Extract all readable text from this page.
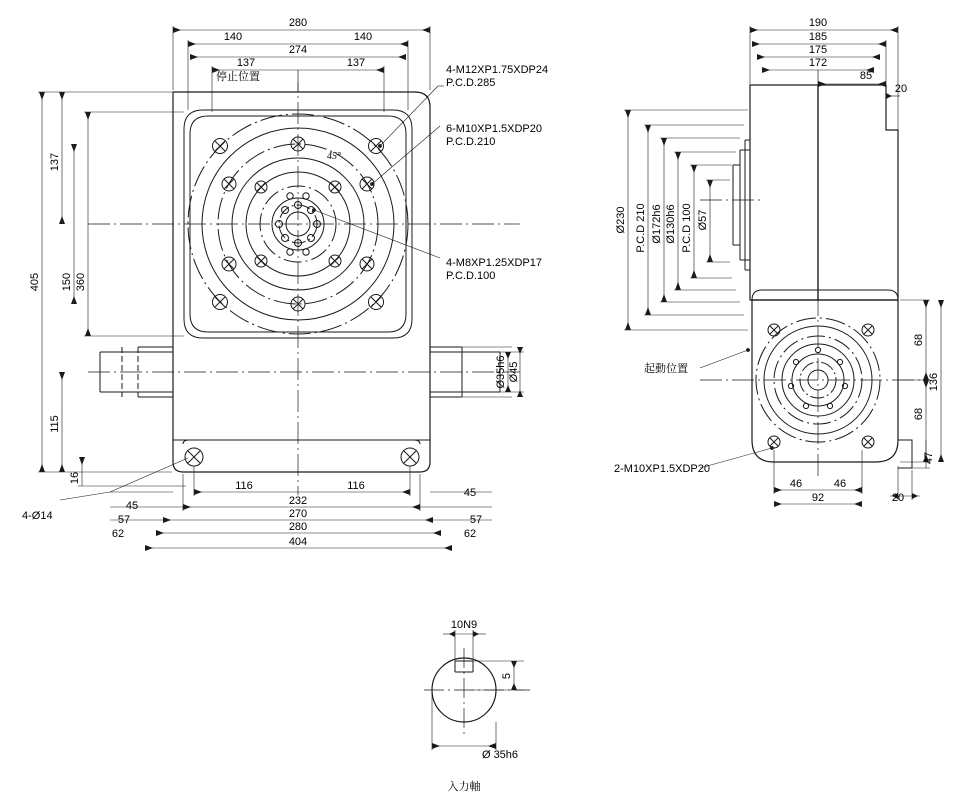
280
140	140
274
137	137
137
405 150 360
115
16
116	116
232
270
280
404
45
57
62
45
57
62
停止位置
45°
4-M12XP1.75XDP24
P.C.D.285
6-M10XP1.5XDP20
P.C.D.210
4-M8XP1.25XDP17
P.C.D.100
4-Ø14
Ø35h6 Ø45
190
185
175
172
85
20
Ø230 P.C.D 210 Ø172h6 Ø130h6 P.C.D 100 Ø57
68
136
68
47
46	46
92	20
起動位置
2-M10XP1.5XDP20
10N9
5
Ø 35h6
入力軸
